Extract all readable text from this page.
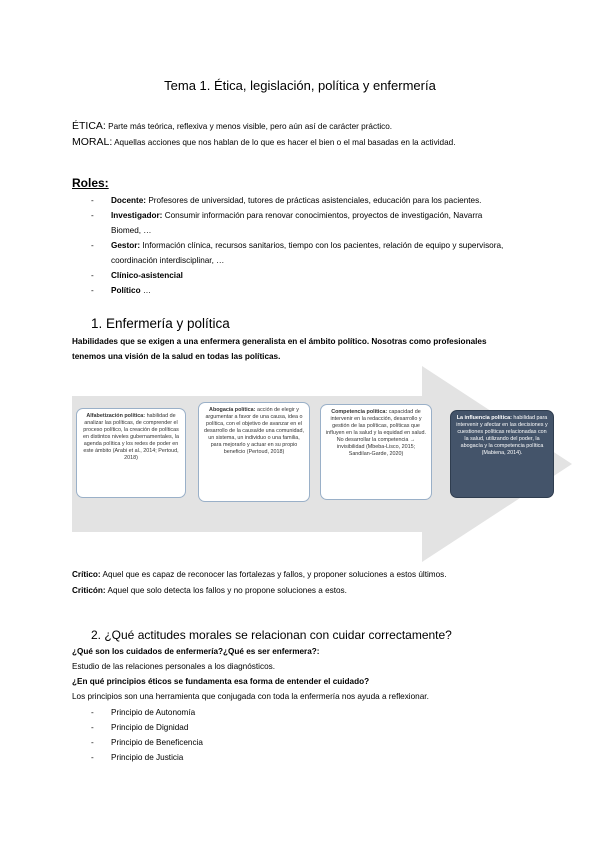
Tema 1. Ética, legislación, política y enfermería
ÉTICA: Parte más teórica, reflexiva y menos visible, pero aún así de carácter práctico.
MORAL: Aquellas acciones que nos hablan de lo que es hacer el bien o el mal basadas en la actividad.
Roles:
- Docente: Profesores de universidad, tutores de prácticas asistenciales, educación para los pacientes.
- Investigador: Consumir información para renovar conocimientos, proyectos de investigación, Navarra Biomed, …
- Gestor: Información clínica, recursos sanitarios, tiempo con los pacientes, relación de equipo y supervisora, coordinación interdisciplinar, …
- Clínico-asistencial
- Político …
1. Enfermería y política
Habilidades que se exigen a una enfermera generalista en el ámbito político. Nosotras como profesionales tenemos una visión de la salud en todas las políticas.
Alfabetización política: habilidad de analizar las políticas, de comprender el proceso político, la creación de políticas en distintos niveles gubernamentales, la agenda política y los redes de poder en este ámbito (Arabi et al., 2014; Pertoud, 2018)
Abogacía política: acción de elegir y argumentar a favor de una causa, idea o política, con el objetivo de avanzar en el desarrollo de la causa/de una comunidad, un sistema, un individuo o una familia, para mejorarlo y actuar en su propio beneficio (Pertoud, 2018)
Competencia política: capacidad de intervenir en la redacción, desarrollo y gestión de las políticas, políticas que influyen en la salud y la equidad en salud. No desarrollar la competencia → invisibilidad (Mbeba-Lisco, 2015; Sandilan-Garde, 2020)
La influencia política: habilidad para intervenir y afectar en las decisiones y cuestiones políticas relacionadas con la salud, utilizando del poder, la abogacía y la competencia política (Mabiena, 2014).
Crítico: Aquel que es capaz de reconocer las fortalezas y fallos, y proponer soluciones a estos últimos.
Criticón: Aquel que solo detecta los fallos y no propone soluciones a estos.
2. ¿Qué actitudes morales se relacionan con cuidar correctamente?
¿Qué son los cuidados de enfermería?¿Qué es ser enfermera?:
Estudio de las relaciones personales a los diagnósticos.
¿En qué principios éticos se fundamenta esa forma de entender el cuidado?
Los principios son una herramienta que conjugada con toda la enfermería nos ayuda a reflexionar.
- Principio de Autonomía
- Principio de Dignidad
- Principio de Beneficencia
- Principio de Justicia
